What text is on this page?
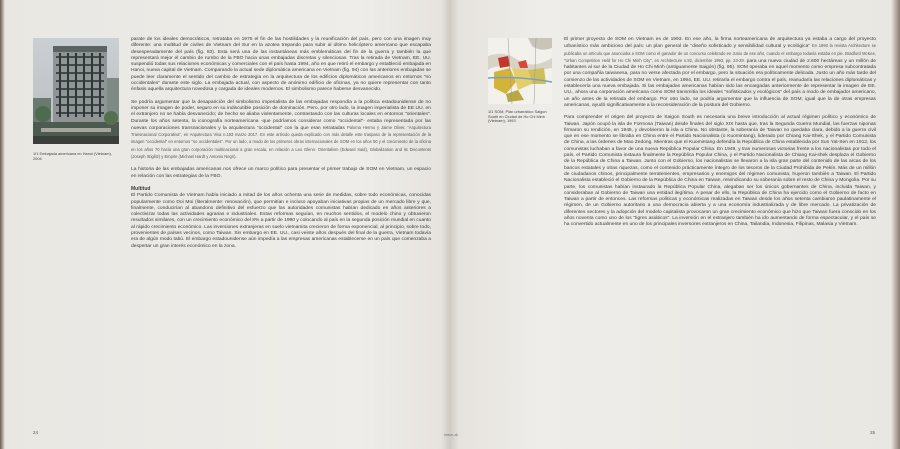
1/1 Embajada americana en Hanoi (Vietnam), 2004

parate de los ideales democráticos, retrataba en 1975 el fin de las hostilidades y la reunificación del país, pero con una imagen muy diferente: una multitud de civiles de Vietnam del Sur en la azotea trepando para subir al último helicóptero americano que escapaba desesperadamente del país (fig. 83). Esta será una de las instantáneas más emblemáticas del fin de la guerra y también la que representará mejor el cambio de rumbo de la FBO hacia unas embajadas discretas y silenciosas. Tras la retirada de Vietnam, EE. UU. suspendió todas sus relaciones económicas y comerciales con el país hasta 1994, año en que retiró el embargo y estableció embajada en Hanoi, nueva capital de Vietnam. Comparando la actual sede diplomática americana en Vietnam (fig. 94) con las anteriores embajadas se puede leer claramente el sentido del cambio de estrategia en la arquitectura de los edificios diplomáticos americanos en entornos "no occidentales" durante este siglo. La embajada actual, con aspecto de anónimo edificio de oficinas, ya no quiere representar con tanto énfasis aquella arquitectura novedosa y cargada de ideales modernos. El simbolismo parece haberse desvanecido.

Se podría argumentar que la desaparición del simbolismo imperialista de las embajadas respondía a la política estadounidense de no imponer su imagen de poder, seguro en su indiscutible posición de dominación. Pero, por otro lado, la imagen imperialista de EE.UU. en el extranjero no se había desvanecido; de hecho se aliaba violentamente, contrastando con las culturas locales en entornos "orientales". Durante los años setenta, la iconografía norteamericana -que podríamos considerar como "occidental"- estaba representada por las nuevas corporaciones transnacionales y la arquitectura "occidental" con la que eran retratadas Paloma Hermo y Jaime Oliver, "Arquitectura Transnacional Corporativa", en Arquitectura Viva n.193 marzo 2017. En este artículo queda explicado con más detalle este traspaso de la representación de la imagen "occidental" en entornos "no occidentales". Por un lado, a modo de los primeros obras internacionales de SOM en los años 50 y el crecimiento de la oficina en los años 70 hacia una gran corporación multinacional a gran escala, en relación a Leo Glenn: Orientalism (Edward Said), Globalization and its Discontents (Joseph Stiglitz) y Empire (Michael Hardt y Antonio Negri).

La historia de las embajadas americanas nos ofrece un marco político para presentar el primer trabajo de SOM en Vietnam, un espacio en relación con las estrategias de la FBO.

Multitud

El Partido Comunista de Vietnam había iniciado a mitad de los años ochenta una serie de medidas, sobre todo económicas, conocidas popularmente como Doi Moi (literalmente: renovación), que permitían e incluso apoyaban iniciativas propias de un mercado libre y que, finalmente, conducirían al abandono definitivo del esfuerzo que las autoridades comunistas habían dedicado en años anteriores a colectivizar todas las actividades agrarias e industriales. Estas reformas seguían, en muchos sentidos, el modelo chino y obtuvieron resultados similares, con un crecimiento económico del 8% a partir de 1990 y colocando al país en la segunda posición mundial en cuanto al rápido crecimiento económico. Las inversiones extranjeras en suelo vietnamita crecieron de forma exponencial, al principio, sobre todo, provenientes de países vecinos, como Taiwan. Sin embargo en EE. UU., casi veinte años después del final de la guerra, Vietnam todavía era de algún modo tabú. El embargo estadounidense aún impedía a las empresas americanas establecerse en un país que comenzaba a despertar un gran interés económico en la zona.

24	trimas.sk
1/1 SOM, Plan urbanístico Saigon South en Ciudad de Ho Chi Minh (Vietnam), 1993

El primer proyecto de SOM en Vietnam es de 1993. En ese año, la firma norteamericana de arquitectura ya estaba a cargo del proyecto urbanístico más ambicioso del país: un plan general de "diseño sofisticado y sensibilidad cultural y ecológica" En 1993 la revista Architecture se publicaba un artículo que anunciaba a SOM como el ganador de un concurso celebrado en Junio de ese año, cuando el embargo todavía estaba en pie. Bradford McKee, "Urban Competition Held for Ho Chi Minh City", en Architecture n.82, diciembre 1993, pp. 23-29. para una nueva ciudad de 2.600 hectáreas y un millón de habitantes al sur de la Ciudad de Ho Chi Minh (antiguamente Saigón) (fig. 95). SOM operaba en aquel momento como empresa subcontratada por una compañía taiwanesa, para no verse afectada por el embargo, pero la situación era políticamente delicada. Justo un año más tarde del comienzo de las actividades de SOM en Vietnam, en 1994, EE. UU. retiraría el embargo contra el país, reanudaría las relaciones diplomáticas y establecería una nueva embajada. Si las embajadas americanas habían sido las encargadas anteriormente de representar la imagen de EE. UU., ahora una corporación americana como SOM transmitía los ideales "sofisticados y ecológicos" del país a modo de embajador americano, un año antes de la retirada del embargo. Por otro lado, se podría argumentar que la influencia de SOM, igual que la de otras empresas americanas, ayudó significativamente a la reconsideración de la postura del Gobierno.

Para comprender el origen del proyecto de Saigon South es necesaria una breve introducción al actual régimen político y económico de Taiwan. Japón ocupó la isla de Formosa (Taiwan) desde finales del siglo XIX hasta que, tras la Segunda Guerra Mundial, las fuerzas niponas firmaron su rendición, en 1945, y devolvieron la isla a China. No obstante, la soberanía de Taiwan no quedaba clara, debido a la guerra civil que en ese momento se libraba en China entre el Partido Nacionalista (o Kuomintang), liderado por Chiang Kai-Shek, y el Partido Comunista de China, a las órdenes de Mao Zedong. Mientras que el Kuomintang defendía la República de China establecida por Sun Yat-Sen en 1912, los comunistas luchaban a favor de una nueva República Popular China. En 1949, y tras numerosas victorias frente a los nacionalistas por todo el país, el Partido Comunista instaura finalmente la República Popular China, y el Partido Nacionalista de Chiang Kai-shek desplaza el Gobierno de la República de China a Taiwan. Junto con el Gobierno, los nacionalistas se llevaron a la isla gran parte del contenido de las arcas de los bancos estatales y otras riquezas, como el contenido prácticamente íntegro de los tesoros de la Ciudad Prohibida de Pekín. Más de un millón de ciudadanos chinos, principalmente terratenientes, empresarios y enemigos del régimen comunista, huyeron también a Taiwan. El Partido Nacionalista estableció el Gobierno de la República de China en Taiwan, reivindicando su soberanía sobre el resto de China y Mongolia. Por su parte, los comunistas habían instaurado la República Popular China, alegaban ser los únicos gobernantes de China, incluida Taiwan, y consideraban al Gobierno de Taiwan una entidad ilegítima. A pesar de ello, la República de China ha ejercido como el Gobierno de facto en Taiwan a partir de entonces. Las reformas políticas y económicas realizadas en Taiwan desde los años setenta cambiaron paulatinamente el régimen, de un Gobierno autoritario a una democracia abierta y a una economía industrializada y de libre mercado. La privatización de diferentes sectores y la adopción del modelo capitalista provocaron un gran crecimiento económico que hizo que Taiwan fuera conocido en los años noventa como uno de los "tigres asiáticos". La inversión en el extranjero también ha ido aumentando de forma espectacular, y el país se ha convertido actualmente en uno de los principales inversores extranjeros en China, Tailandia, Indonesia, Filipinas, Malasia y Vietnam.

25
